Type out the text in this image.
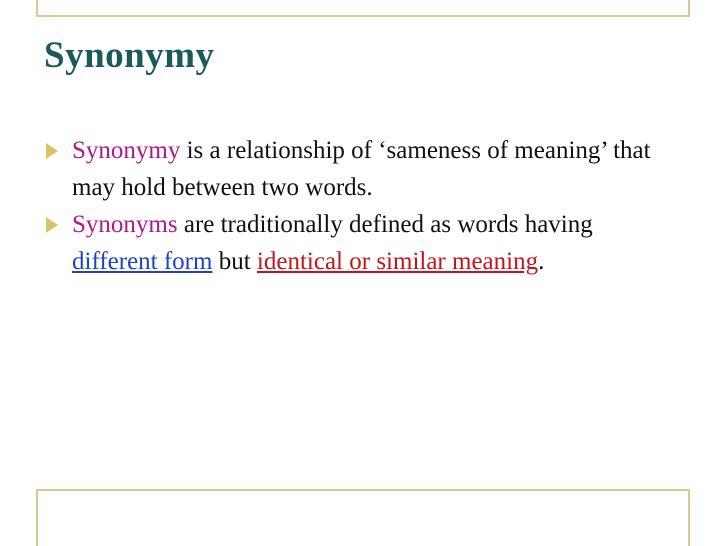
Synonymy
Synonymy is a relationship of ‘sameness of meaning’ that may hold between two words.
Synonyms are traditionally defined as words having different form but identical or similar meaning.
